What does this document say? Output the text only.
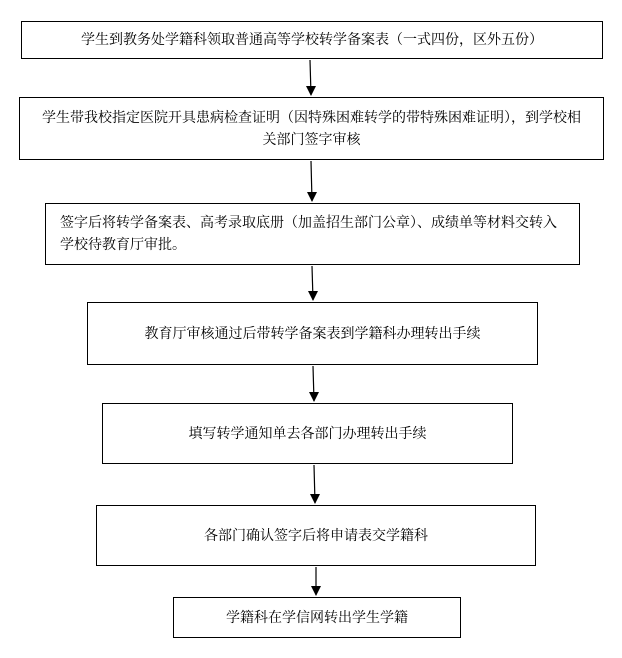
学生到教务处学籍科领取普通高等学校转学备案表（一式四份，区外五份）
学生带我校指定医院开具患病检查证明（因特殊困难转学的带特殊困难证明），到学校相关部门签字审核
签字后将转学备案表、高考录取底册（加盖招生部门公章）、成绩单等材料交转入学校待教育厅审批。
教育厅审核通过后带转学备案表到学籍科办理转出手续
填写转学通知单去各部门办理转出手续
各部门确认签字后将申请表交学籍科
学籍科在学信网转出学生学籍
